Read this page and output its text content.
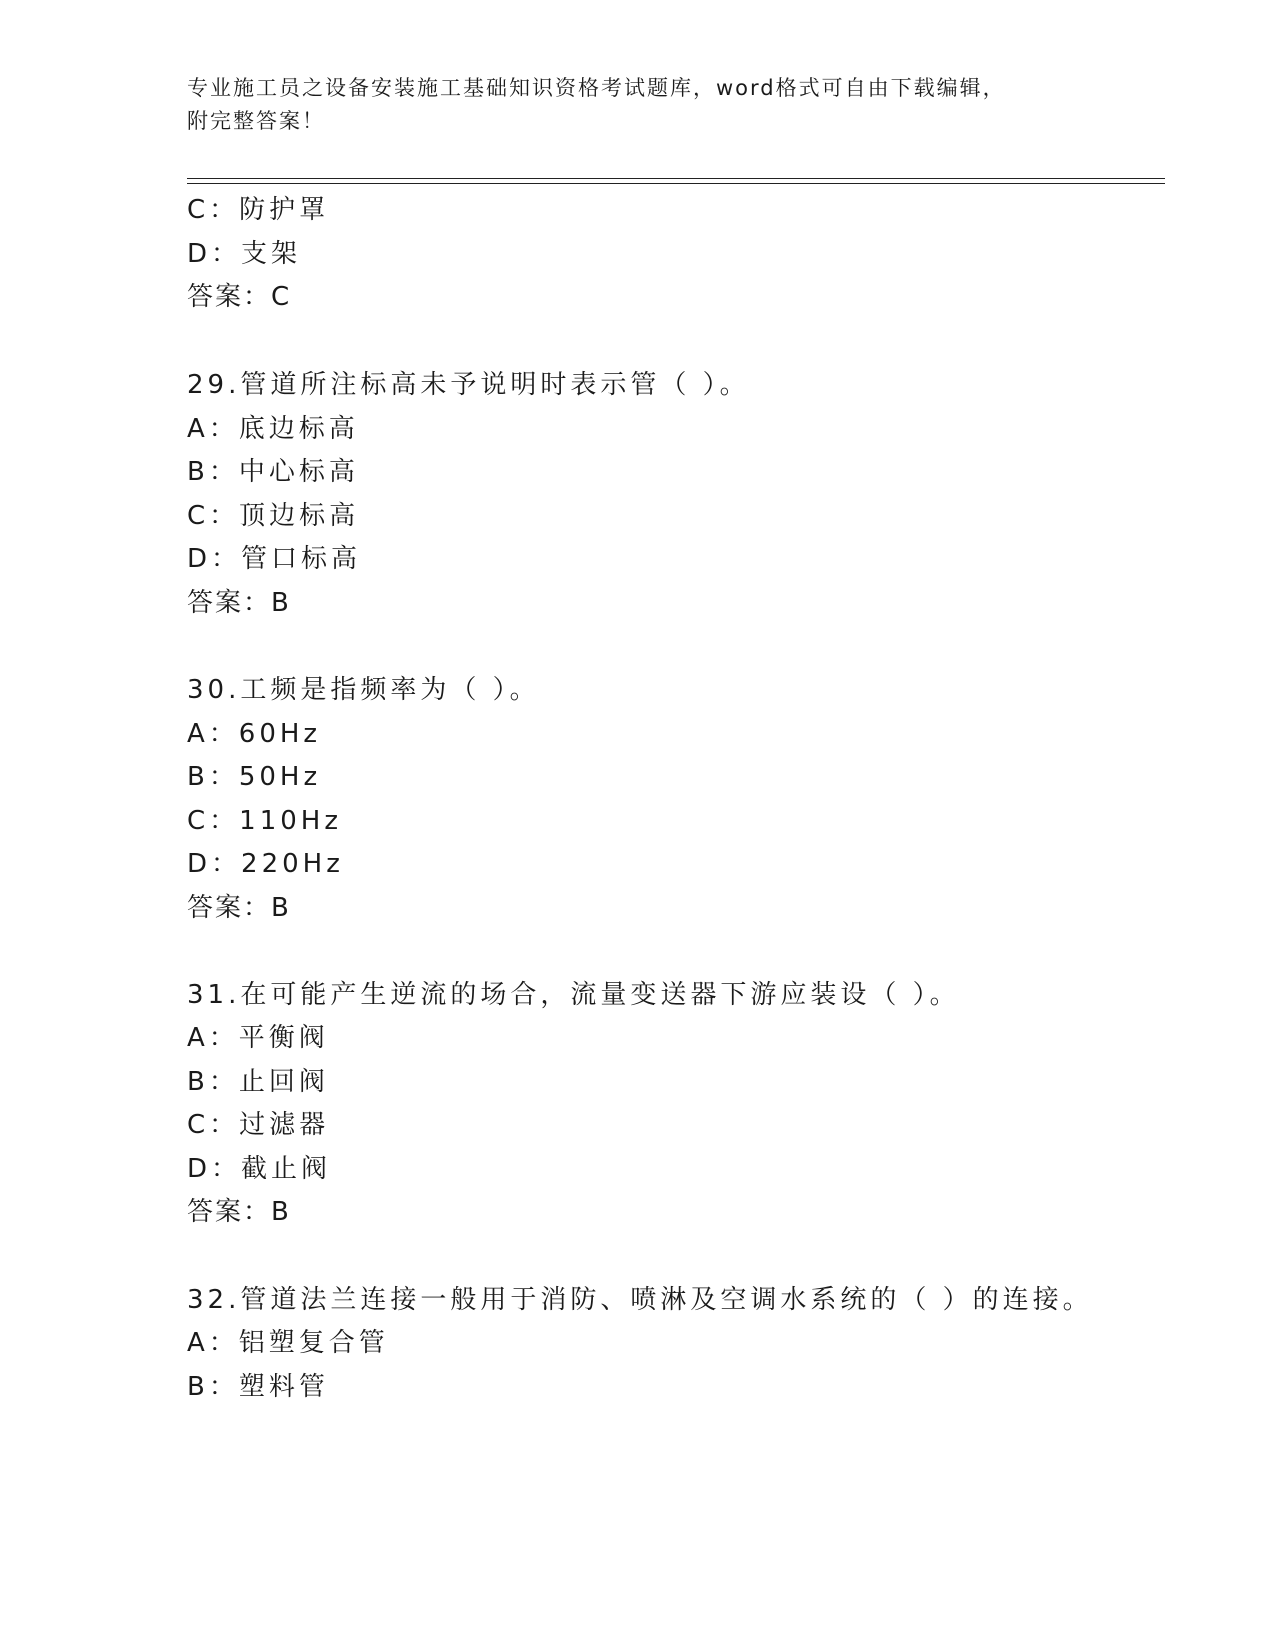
专业施工员之设备安装施工基础知识资格考试题库，word格式可自由下载编辑，
附完整答案！
C：防护罩
D：支架
答案：C
29.管道所注标高未予说明时表示管（ ）。
A：底边标高
B：中心标高
C：顶边标高
D：管口标高
答案：B
30.工频是指频率为（ ）。
A：60Hz
B：50Hz
C：110Hz
D：220Hz
答案：B
31.在可能产生逆流的场合，流量变送器下游应装设（ ）。
A：平衡阀
B：止回阀
C：过滤器
D：截止阀
答案：B
32.管道法兰连接一般用于消防、喷淋及空调水系统的（ ）的连接。
A：铝塑复合管
B：塑料管
